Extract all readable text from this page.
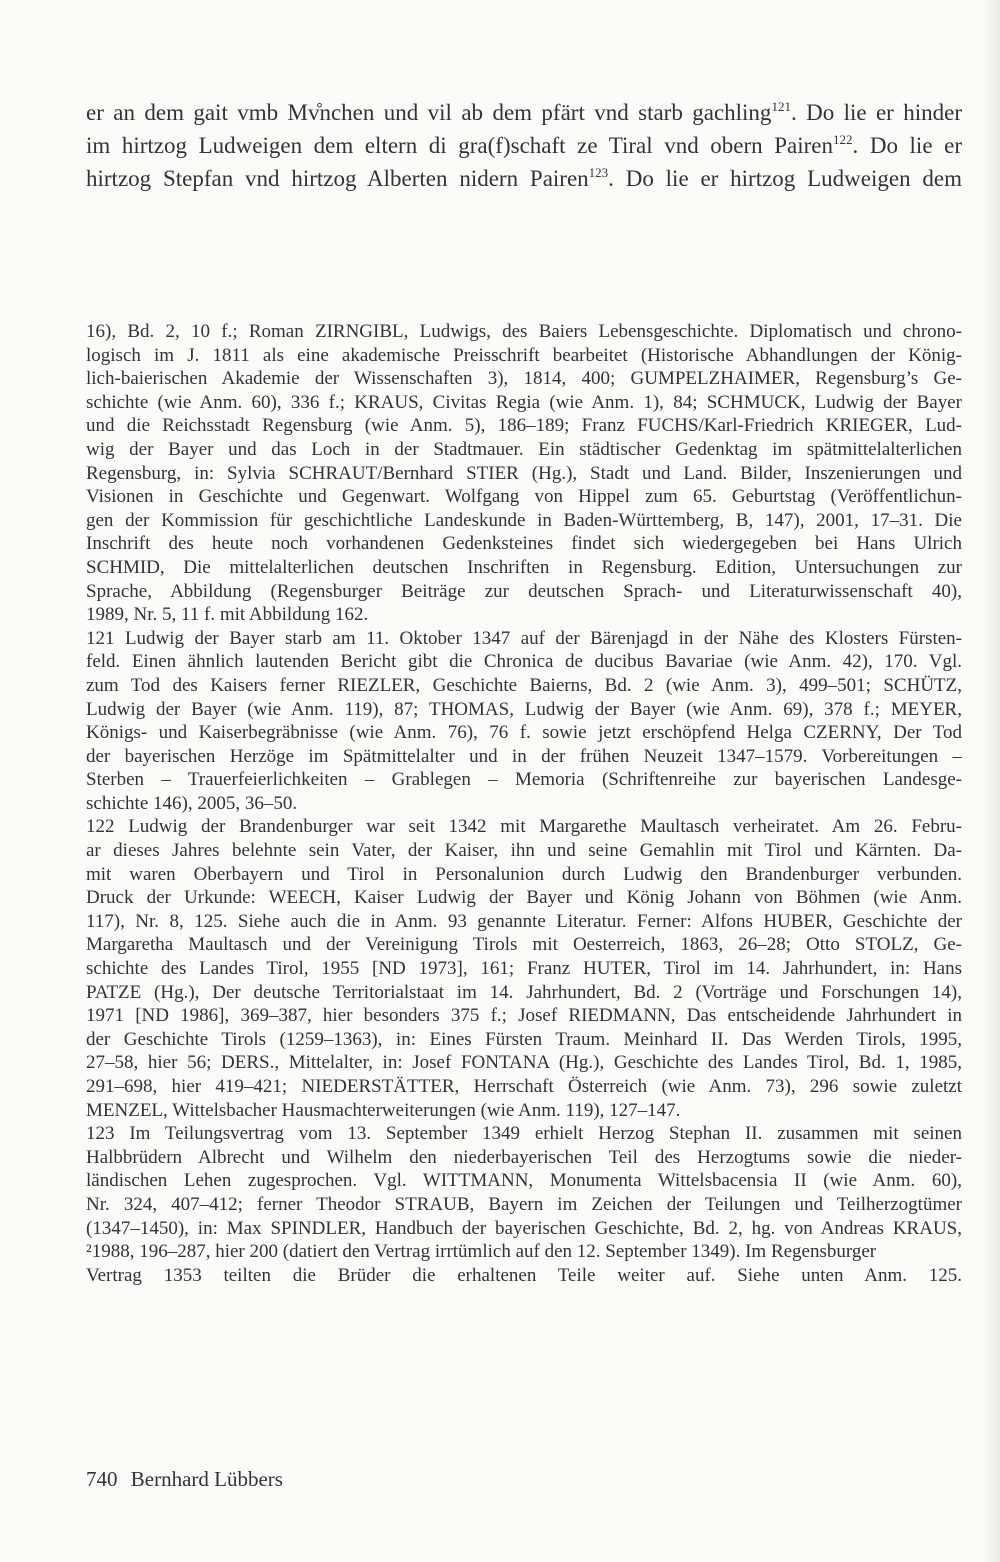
er an dem gait vmb Mv̊nchen und vil ab dem pfärt vnd starb gachling$^{121}$. Do lie er hinder
im hirtzog Ludweigen dem eltern di gra(f)schaft ze Tiral vnd obern Pairen$^{122}$. Do lie er
hirtzog Stepfan vnd hirtzog Alberten nidern Pairen$^{123}$. Do lie er hirtzog Ludweigen dem
16), Bd. 2, 10 f.; Roman ZIRNGIBL, Ludwigs, des Baiers Lebensgeschichte. Diplomatisch und chrono-
logisch im J. 1811 als eine akademische Preisschrift bearbeitet (Historische Abhandlungen der König-
lich-baierischen Akademie der Wissenschaften 3), 1814, 400; GUMPELZHAIMER, Regensburg’s Ge-
schichte (wie Anm. 60), 336 f.; KRAUS, Civitas Regia (wie Anm. 1), 84; SCHMUCK, Ludwig der Bayer
und die Reichsstadt Regensburg (wie Anm. 5), 186–189; Franz FUCHS/Karl-Friedrich KRIEGER, Lud-
wig der Bayer und das Loch in der Stadtmauer. Ein städtischer Gedenktag im spätmittelalterlichen
Regensburg, in: Sylvia SCHRAUT/Bernhard STIER (Hg.), Stadt und Land. Bilder, Inszenierungen und
Visionen in Geschichte und Gegenwart. Wolfgang von Hippel zum 65. Geburtstag (Veröffentlichun-
gen der Kommission für geschichtliche Landeskunde in Baden-Württemberg, B, 147), 2001, 17–31. Die
Inschrift des heute noch vorhandenen Gedenksteines findet sich wiedergegeben bei Hans Ulrich
SCHMID, Die mittelalterlichen deutschen Inschriften in Regensburg. Edition, Untersuchungen zur
Sprache, Abbildung (Regensburger Beiträge zur deutschen Sprach- und Literaturwissenschaft 40),
1989, Nr. 5, 11 f. mit Abbildung 162.
121 Ludwig der Bayer starb am 11. Oktober 1347 auf der Bärenjagd in der Nähe des Klosters Fürsten-
feld. Einen ähnlich lautenden Bericht gibt die Chronica de ducibus Bavariae (wie Anm. 42), 170. Vgl.
zum Tod des Kaisers ferner RIEZLER, Geschichte Baierns, Bd. 2 (wie Anm. 3), 499–501; SCHÜTZ,
Ludwig der Bayer (wie Anm. 119), 87; THOMAS, Ludwig der Bayer (wie Anm. 69), 378 f.; MEYER,
Königs- und Kaiserbegräbnisse (wie Anm. 76), 76 f. sowie jetzt erschöpfend Helga CZERNY, Der Tod
der bayerischen Herzöge im Spätmittelalter und in der frühen Neuzeit 1347–1579. Vorbereitungen –
Sterben – Trauerfeierlichkeiten – Grablegen – Memoria (Schriftenreihe zur bayerischen Landesge-
schichte 146), 2005, 36–50.
122 Ludwig der Brandenburger war seit 1342 mit Margarethe Maultasch verheiratet. Am 26. Febru-
ar dieses Jahres belehnte sein Vater, der Kaiser, ihn und seine Gemahlin mit Tirol und Kärnten. Da-
mit waren Oberbayern und Tirol in Personalunion durch Ludwig den Brandenburger verbunden.
Druck der Urkunde: WEECH, Kaiser Ludwig der Bayer und König Johann von Böhmen (wie Anm.
117), Nr. 8, 125. Siehe auch die in Anm. 93 genannte Literatur. Ferner: Alfons HUBER, Geschichte der
Margaretha Maultasch und der Vereinigung Tirols mit Oesterreich, 1863, 26–28; Otto STOLZ, Ge-
schichte des Landes Tirol, 1955 [ND 1973], 161; Franz HUTER, Tirol im 14. Jahrhundert, in: Hans
PATZE (Hg.), Der deutsche Territorialstaat im 14. Jahrhundert, Bd. 2 (Vorträge und Forschungen 14),
1971 [ND 1986], 369–387, hier besonders 375 f.; Josef RIEDMANN, Das entscheidende Jahrhundert in
der Geschichte Tirols (1259–1363), in: Eines Fürsten Traum. Meinhard II. Das Werden Tirols, 1995,
27–58, hier 56; DERS., Mittelalter, in: Josef FONTANA (Hg.), Geschichte des Landes Tirol, Bd. 1, 1985,
291–698, hier 419–421; NIEDERSTÄTTER, Herrschaft Österreich (wie Anm. 73), 296 sowie zuletzt
MENZEL, Wittelsbacher Hausmachterweiterungen (wie Anm. 119), 127–147.
123 Im Teilungsvertrag vom 13. September 1349 erhielt Herzog Stephan II. zusammen mit seinen
Halbbrüdern Albrecht und Wilhelm den niederbayerischen Teil des Herzogtums sowie die nieder-
ländischen Lehen zugesprochen. Vgl. WITTMANN, Monumenta Wittelsbacensia II (wie Anm. 60),
Nr. 324, 407–412; ferner Theodor STRAUB, Bayern im Zeichen der Teilungen und Teilherzogtümer
(1347–1450), in: Max SPINDLER, Handbuch der bayerischen Geschichte, Bd. 2, hg. von Andreas KRAUS,
²1988, 196–287, hier 200 (datiert den Vertrag irrtümlich auf den 12. September 1349). Im Regensburger
Vertrag 1353 teilten die Brüder die erhaltenen Teile weiter auf. Siehe unten Anm. 125.
740 Bernhard Lübbers
